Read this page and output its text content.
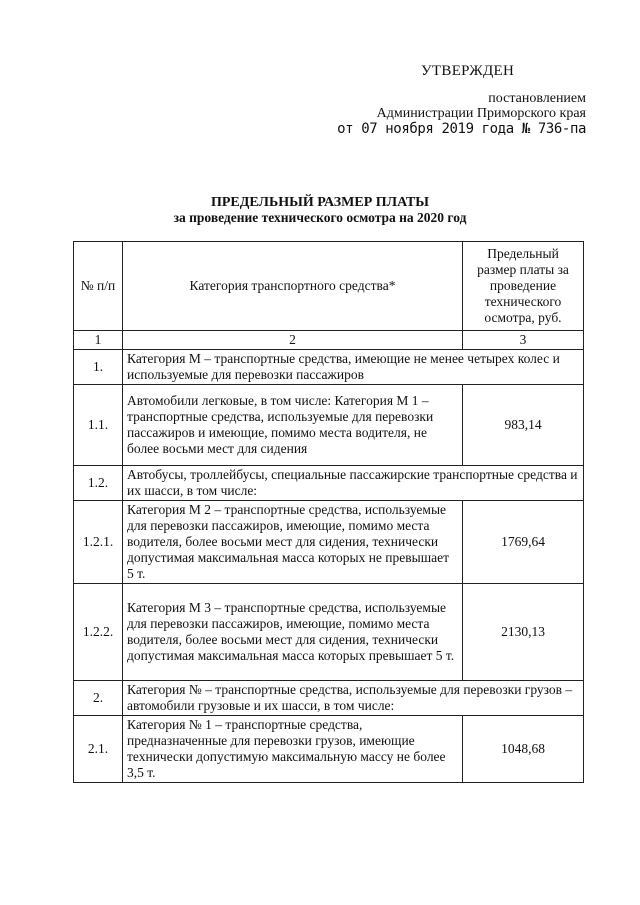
УТВЕРЖДЕН
постановлением
Администрации Приморского края
от 07 ноября 2019 года № 736-па
ПРЕДЕЛЬНЫЙ РАЗМЕР ПЛАТЫ
за проведение технического осмотра на 2020 год
№ п/п	Категория транспортного средства*	Предельный размер платы за проведение технического осмотра, руб.
1	2	3
1.	Категория M – транспортные средства, имеющие не менее четырех колес и используемые для перевозки пассажиров	
1.1.	Автомобили легковые, в том числе: Категория M 1 – транспортные средства, используемые для перевозки пассажиров и имеющие, помимо места водителя, не более восьми мест для сидения	983,14
1.2.	Автобусы, троллейбусы, специальные пассажирские транспортные средства и их шасси, в том числе:	
1.2.1.	Категория M 2 – транспортные средства, используемые для перевозки пассажиров, имеющие, помимо места водителя, более восьми мест для сидения, технически допустимая максимальная масса которых не превышает 5 т.	1769,64
1.2.2.	Категория M 3 – транспортные средства, используемые для перевозки пассажиров, имеющие, помимо места водителя, более восьми мест для сидения, технически допустимая максимальная масса которых превышает 5 т.	2130,13
2.	Категория № – транспортные средства, используемые для перевозки грузов – автомобили грузовые и их шасси, в том числе:	
2.1.	Категория № 1 – транспортные средства, предназначенные для перевозки грузов, имеющие технически допустимую максимальную массу не более 3,5 т.	1048,68
